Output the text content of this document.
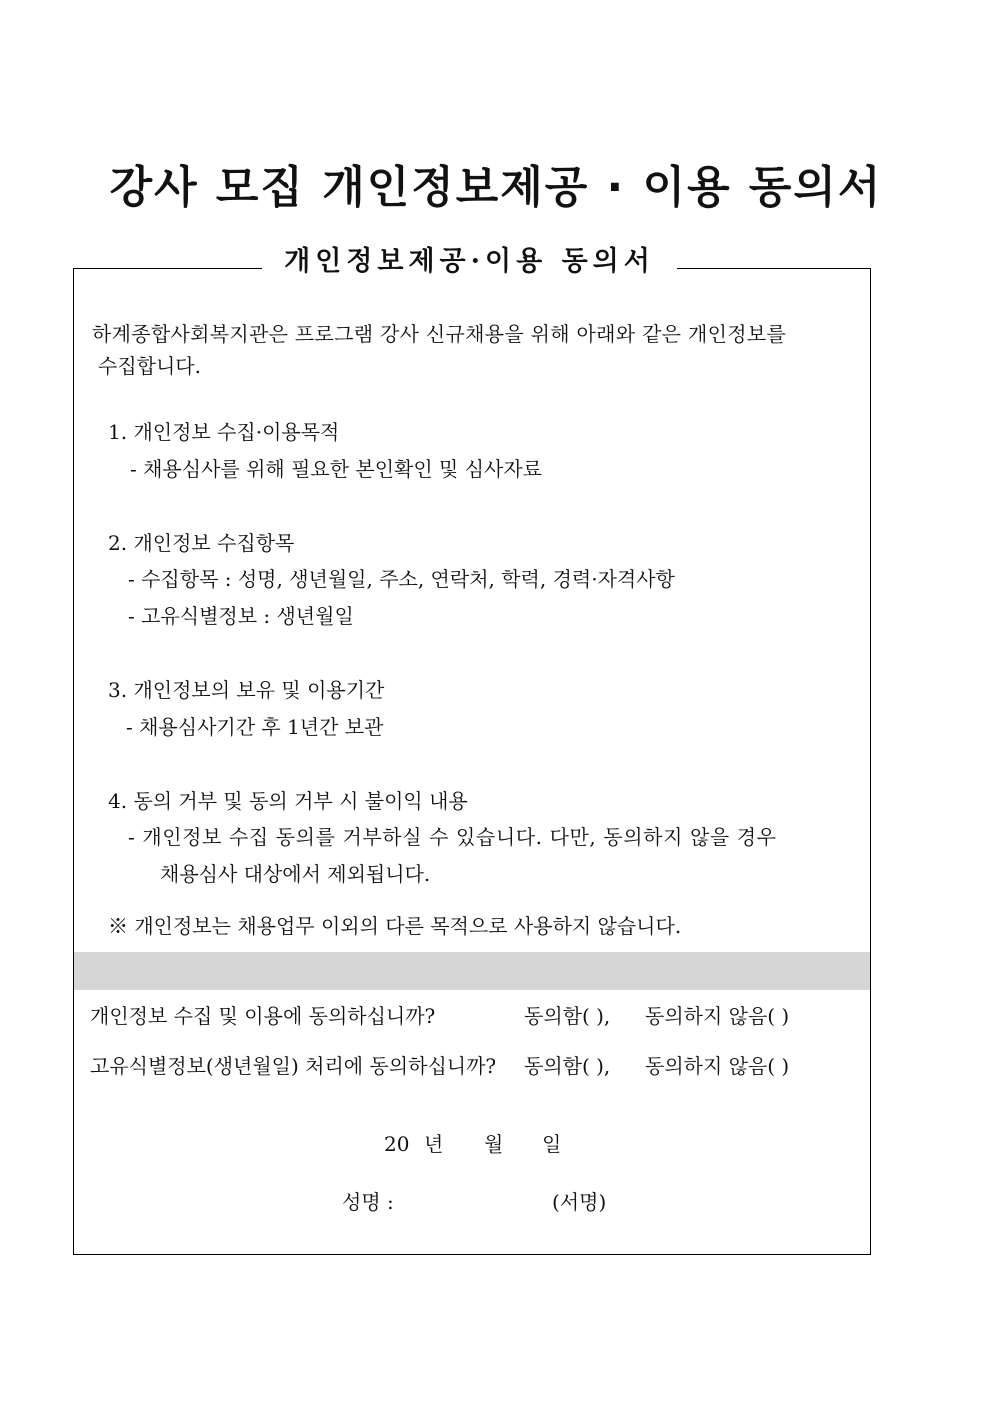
강사 모집 개인정보제공 · 이용 동의서
개인정보제공·이용 동의서
하계종합사회복지관은 프로그램 강사 신규채용을 위해 아래와 같은 개인정보를
수집합니다.
1. 개인정보 수집·이용목적
- 채용심사를 위해 필요한 본인확인 및 심사자료
2. 개인정보 수집항목
- 수집항목 : 성명, 생년월일, 주소, 연락처, 학력, 경력·자격사항
- 고유식별정보 : 생년월일
3. 개인정보의 보유 및 이용기간
- 채용심사기간 후 1년간 보관
4. 동의 거부 및 동의 거부 시 불이익 내용
- 개인정보 수집 동의를 거부하실 수 있습니다. 다만, 동의하지 않을 경우
채용심사 대상에서 제외됩니다.
※ 개인정보는 채용업무 이외의 다른 목적으로 사용하지 않습니다.
개인정보 수집 및 이용에 동의하십니까?	동의함( ), 동의하지 않음( )
고유식별정보(생년월일) 처리에 동의하십니까? 동의함( ), 동의하지 않음( )
20 년 월 일
성명 :	(서명)
